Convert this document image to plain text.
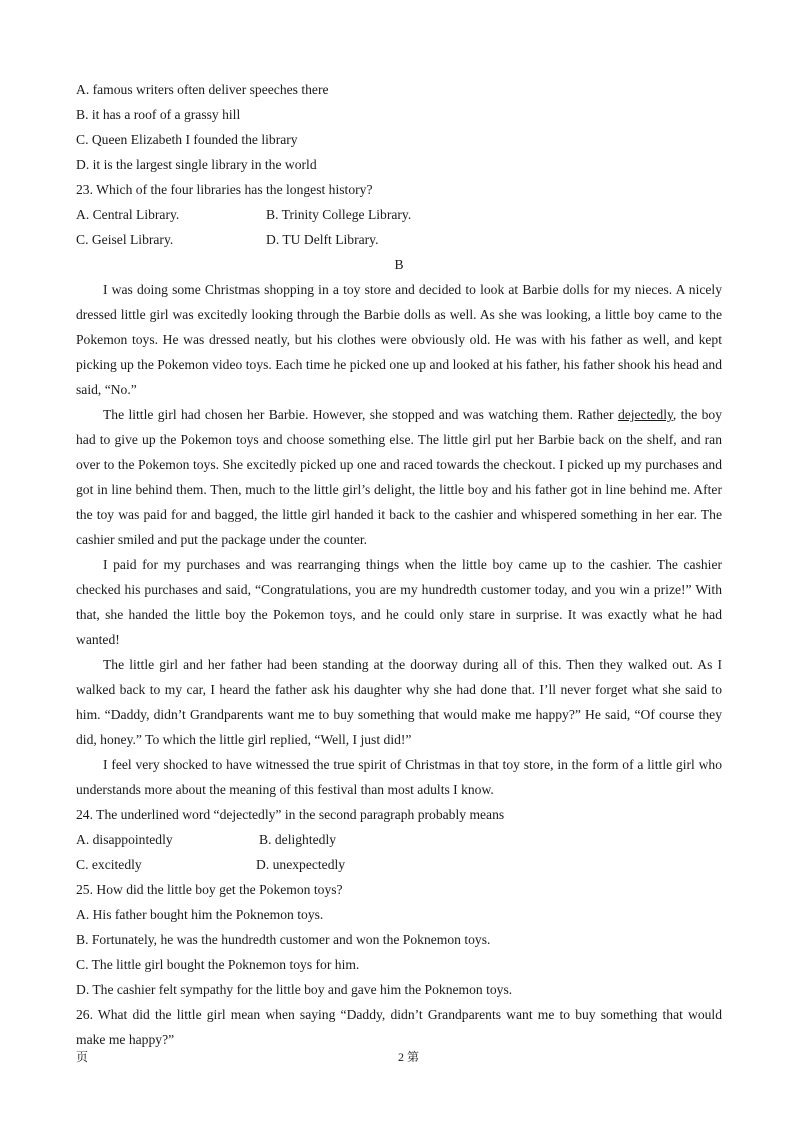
A. famous writers often deliver speeches there

B. it has a roof of a grassy hill

C. Queen Elizabeth I founded the library

D. it is the largest single library in the world

23. Which of the four libraries has the longest history?

A. Central Library.	B. Trinity College Library.
C. Geisel Library.	D. TU Delft Library.

B

I was doing some Christmas shopping in a toy store and decided to look at Barbie dolls for my nieces. A nicely dressed little girl was excitedly looking through the Barbie dolls as well. As she was looking, a little boy came to the Pokemon toys. He was dressed neatly, but his clothes were obviously old. He was with his father as well, and kept picking up the Pokemon video toys. Each time he picked one up and looked at his father, his father shook his head and said, “No.”

The little girl had chosen her Barbie. However, she stopped and was watching them. Rather dejectedly, the boy had to give up the Pokemon toys and choose something else. The little girl put her Barbie back on the shelf, and ran over to the Pokemon toys. She excitedly picked up one and raced towards the checkout. I picked up my purchases and got in line behind them. Then, much to the little girl’s delight, the little boy and his father got in line behind me. After the toy was paid for and bagged, the little girl handed it back to the cashier and whispered something in her ear. The cashier smiled and put the package under the counter.

I paid for my purchases and was rearranging things when the little boy came up to the cashier. The cashier checked his purchases and said, “Congratulations, you are my hundredth customer today, and you win a prize!” With that, she handed the little boy the Pokemon toys, and he could only stare in surprise. It was exactly what he had wanted!

The little girl and her father had been standing at the doorway during all of this. Then they walked out. As I walked back to my car, I heard the father ask his daughter why she had done that. I’ll never forget what she said to him. “Daddy, didn’t Grandparents want me to buy something that would make me happy?” He said, “Of course they did, honey.” To which the little girl replied, “Well, I just did!”

I feel very shocked to have witnessed the true spirit of Christmas in that toy store, in the form of a little girl who understands more about the meaning of this festival than most adults I know.

24. The underlined word “dejectedly” in the second paragraph probably means

A. disappointedly	B. delightedly
C. excitedly	D. unexpectedly

25. How did the little boy get the Pokemon toys?

A. His father bought him the Poknemon toys.

B. Fortunately, he was the hundredth customer and won the Poknemon toys.

C. The little girl bought the Poknemon toys for him.

D. The cashier felt sympathy for the little boy and gave him the Poknemon toys.

26. What did the little girl mean when saying “Daddy, didn’t Grandparents want me to buy something that would make me happy?”

页	2 第
